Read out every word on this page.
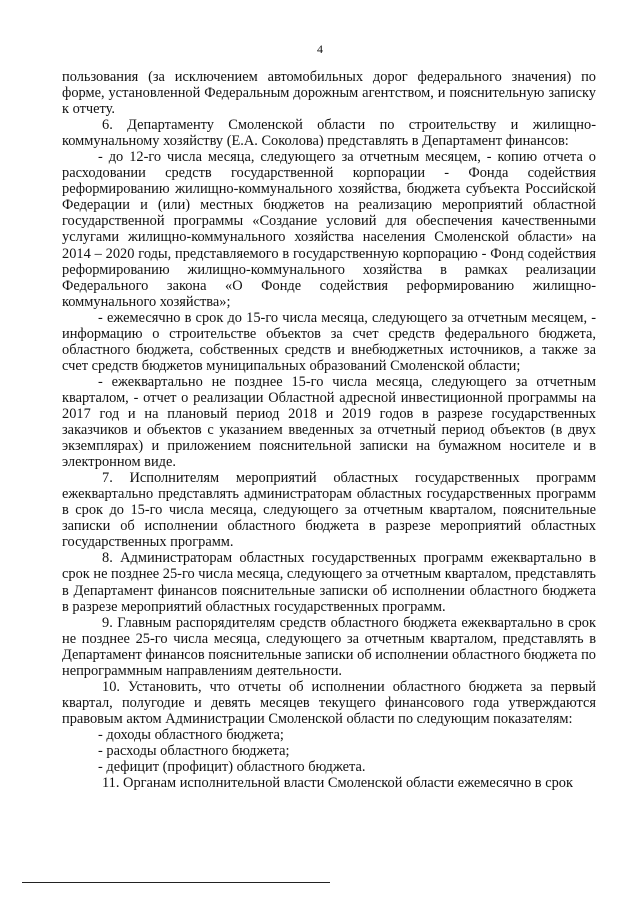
4

пользования (за исключением автомобильных дорог федерального значения) по форме, установленной Федеральным дорожным агентством, и пояснительную записку к отчету.

6. Департаменту Смоленской области по строительству и жилищно-коммунальному хозяйству (Е.А. Соколова) представлять в Департамент финансов:

- до 12-го числа месяца, следующего за отчетным месяцем, - копию отчета о расходовании средств государственной корпорации - Фонда содействия реформированию жилищно-коммунального хозяйства, бюджета субъекта Российской Федерации и (или) местных бюджетов на реализацию мероприятий областной государственной программы «Создание условий для обеспечения качественными услугами жилищно-коммунального хозяйства населения Смоленской области» на 2014 – 2020 годы, представляемого в государственную корпорацию - Фонд содействия реформированию жилищно-коммунального хозяйства в рамках реализации Федерального закона «О Фонде содействия реформированию жилищно-коммунального хозяйства»;

- ежемесячно в срок до 15-го числа месяца, следующего за отчетным месяцем, - информацию о строительстве объектов за счет средств федерального бюджета, областного бюджета, собственных средств и внебюджетных источников, а также за счет средств бюджетов муниципальных образований Смоленской области;

- ежеквартально не позднее 15-го числа месяца, следующего за отчетным кварталом, - отчет о реализации Областной адресной инвестиционной программы на 2017 год и на плановый период 2018 и 2019 годов в разрезе государственных заказчиков и объектов с указанием введенных за отчетный период объектов (в двух экземплярах) и приложением пояснительной записки на бумажном носителе и в электронном виде.

7. Исполнителям мероприятий областных государственных программ ежеквартально представлять администраторам областных государственных программ в срок до 15-го числа месяца, следующего за отчетным кварталом, пояснительные записки об исполнении областного бюджета в разрезе мероприятий областных государственных программ.

8. Администраторам областных государственных программ ежеквартально в срок не позднее 25-го числа месяца, следующего за отчетным кварталом, представлять в Департамент финансов пояснительные записки об исполнении областного бюджета в разрезе мероприятий областных государственных программ.

9. Главным распорядителям средств областного бюджета ежеквартально в срок не позднее 25-го числа месяца, следующего за отчетным кварталом, представлять в Департамент финансов пояснительные записки об исполнении областного бюджета по непрограммным направлениям деятельности.

10. Установить, что отчеты об исполнении областного бюджета за первый квартал, полугодие и девять месяцев текущего финансового года утверждаются правовым актом Администрации Смоленской области по следующим показателям:

- доходы областного бюджета;

- расходы областного бюджета;

- дефицит (профицит) областного бюджета.

11. Органам исполнительной власти Смоленской области ежемесячно в срок
